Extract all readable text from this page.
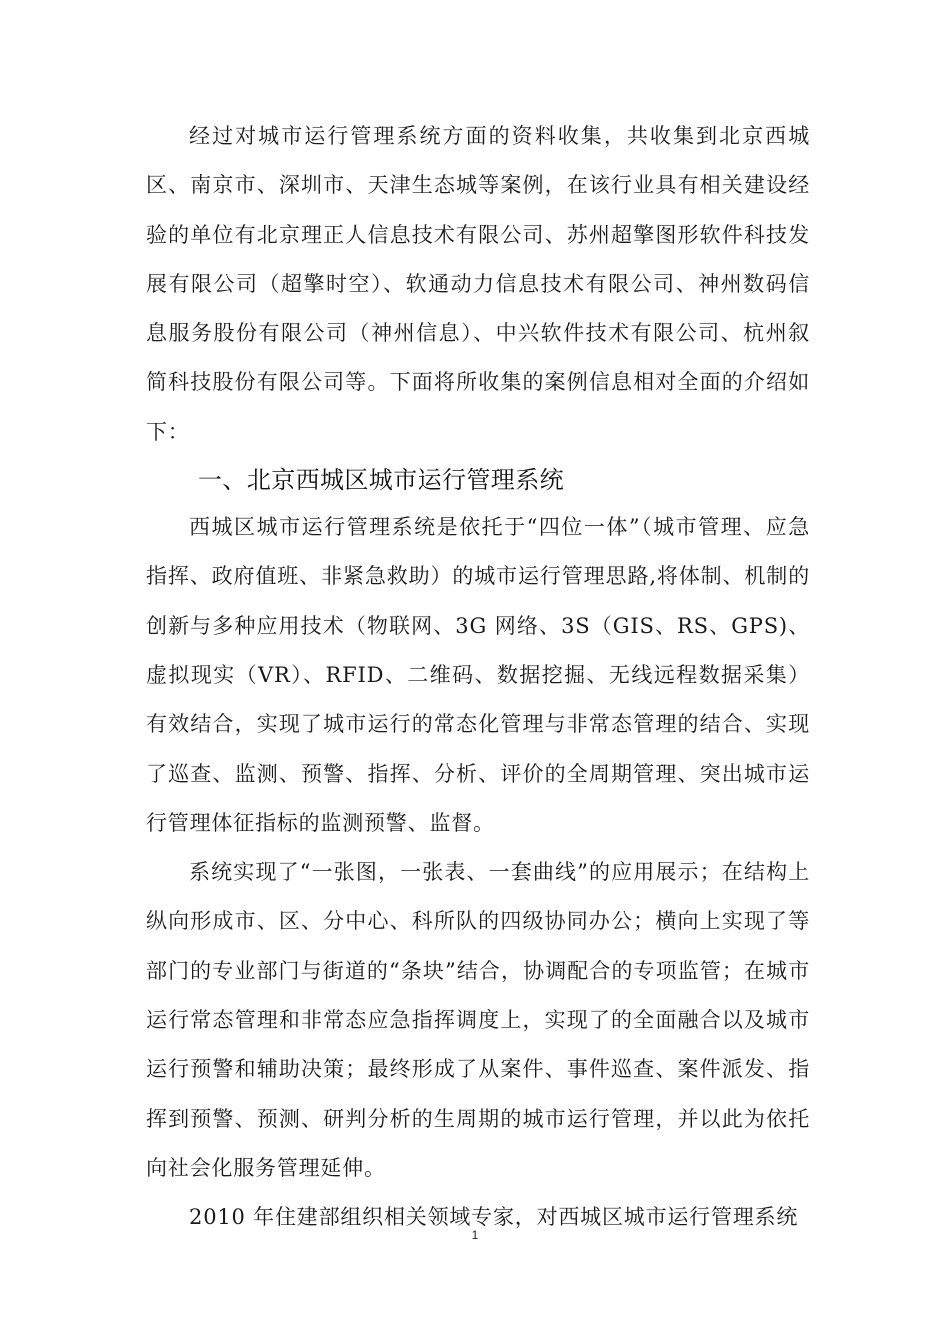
经过对城市运行管理系统方面的资料收集，共收集到北京西城区、南京市、深圳市、天津生态城等案例，在该行业具有相关建设经验的单位有北京理正人信息技术有限公司、苏州超擎图形软件科技发展有限公司（超擎时空）、软通动力信息技术有限公司、神州数码信息服务股份有限公司（神州信息）、中兴软件技术有限公司、杭州叙简科技股份有限公司等。下面将所收集的案例信息相对全面的介绍如下：

一、北京西城区城市运行管理系统

西城区城市运行管理系统是依托于“四位一体”（城市管理、应急指挥、政府值班、非紧急救助）的城市运行管理思路,将体制、机制的创新与多种应用技术（物联网、3G 网络、3S（GIS、RS、GPS)、虚拟现实（VR）、RFID、二维码、数据挖掘、无线远程数据采集）有效结合，实现了城市运行的常态化管理与非常态管理的结合、实现了巡查、监测、预警、指挥、分析、评价的全周期管理、突出城市运行管理体征指标的监测预警、监督。

系统实现了“一张图，一张表、一套曲线”的应用展示；在结构上纵向形成市、区、分中心、科所队的四级协同办公；横向上实现了等部门的专业部门与街道的“条块”结合，协调配合的专项监管；在城市运行常态管理和非常态应急指挥调度上，实现了的全面融合以及城市运行预警和辅助决策；最终形成了从案件、事件巡查、案件派发、指挥到预警、预测、研判分析的生周期的城市运行管理，并以此为依托向社会化服务管理延伸。

2010 年住建部组织相关领域专家，对西城区城市运行管理系统

1
